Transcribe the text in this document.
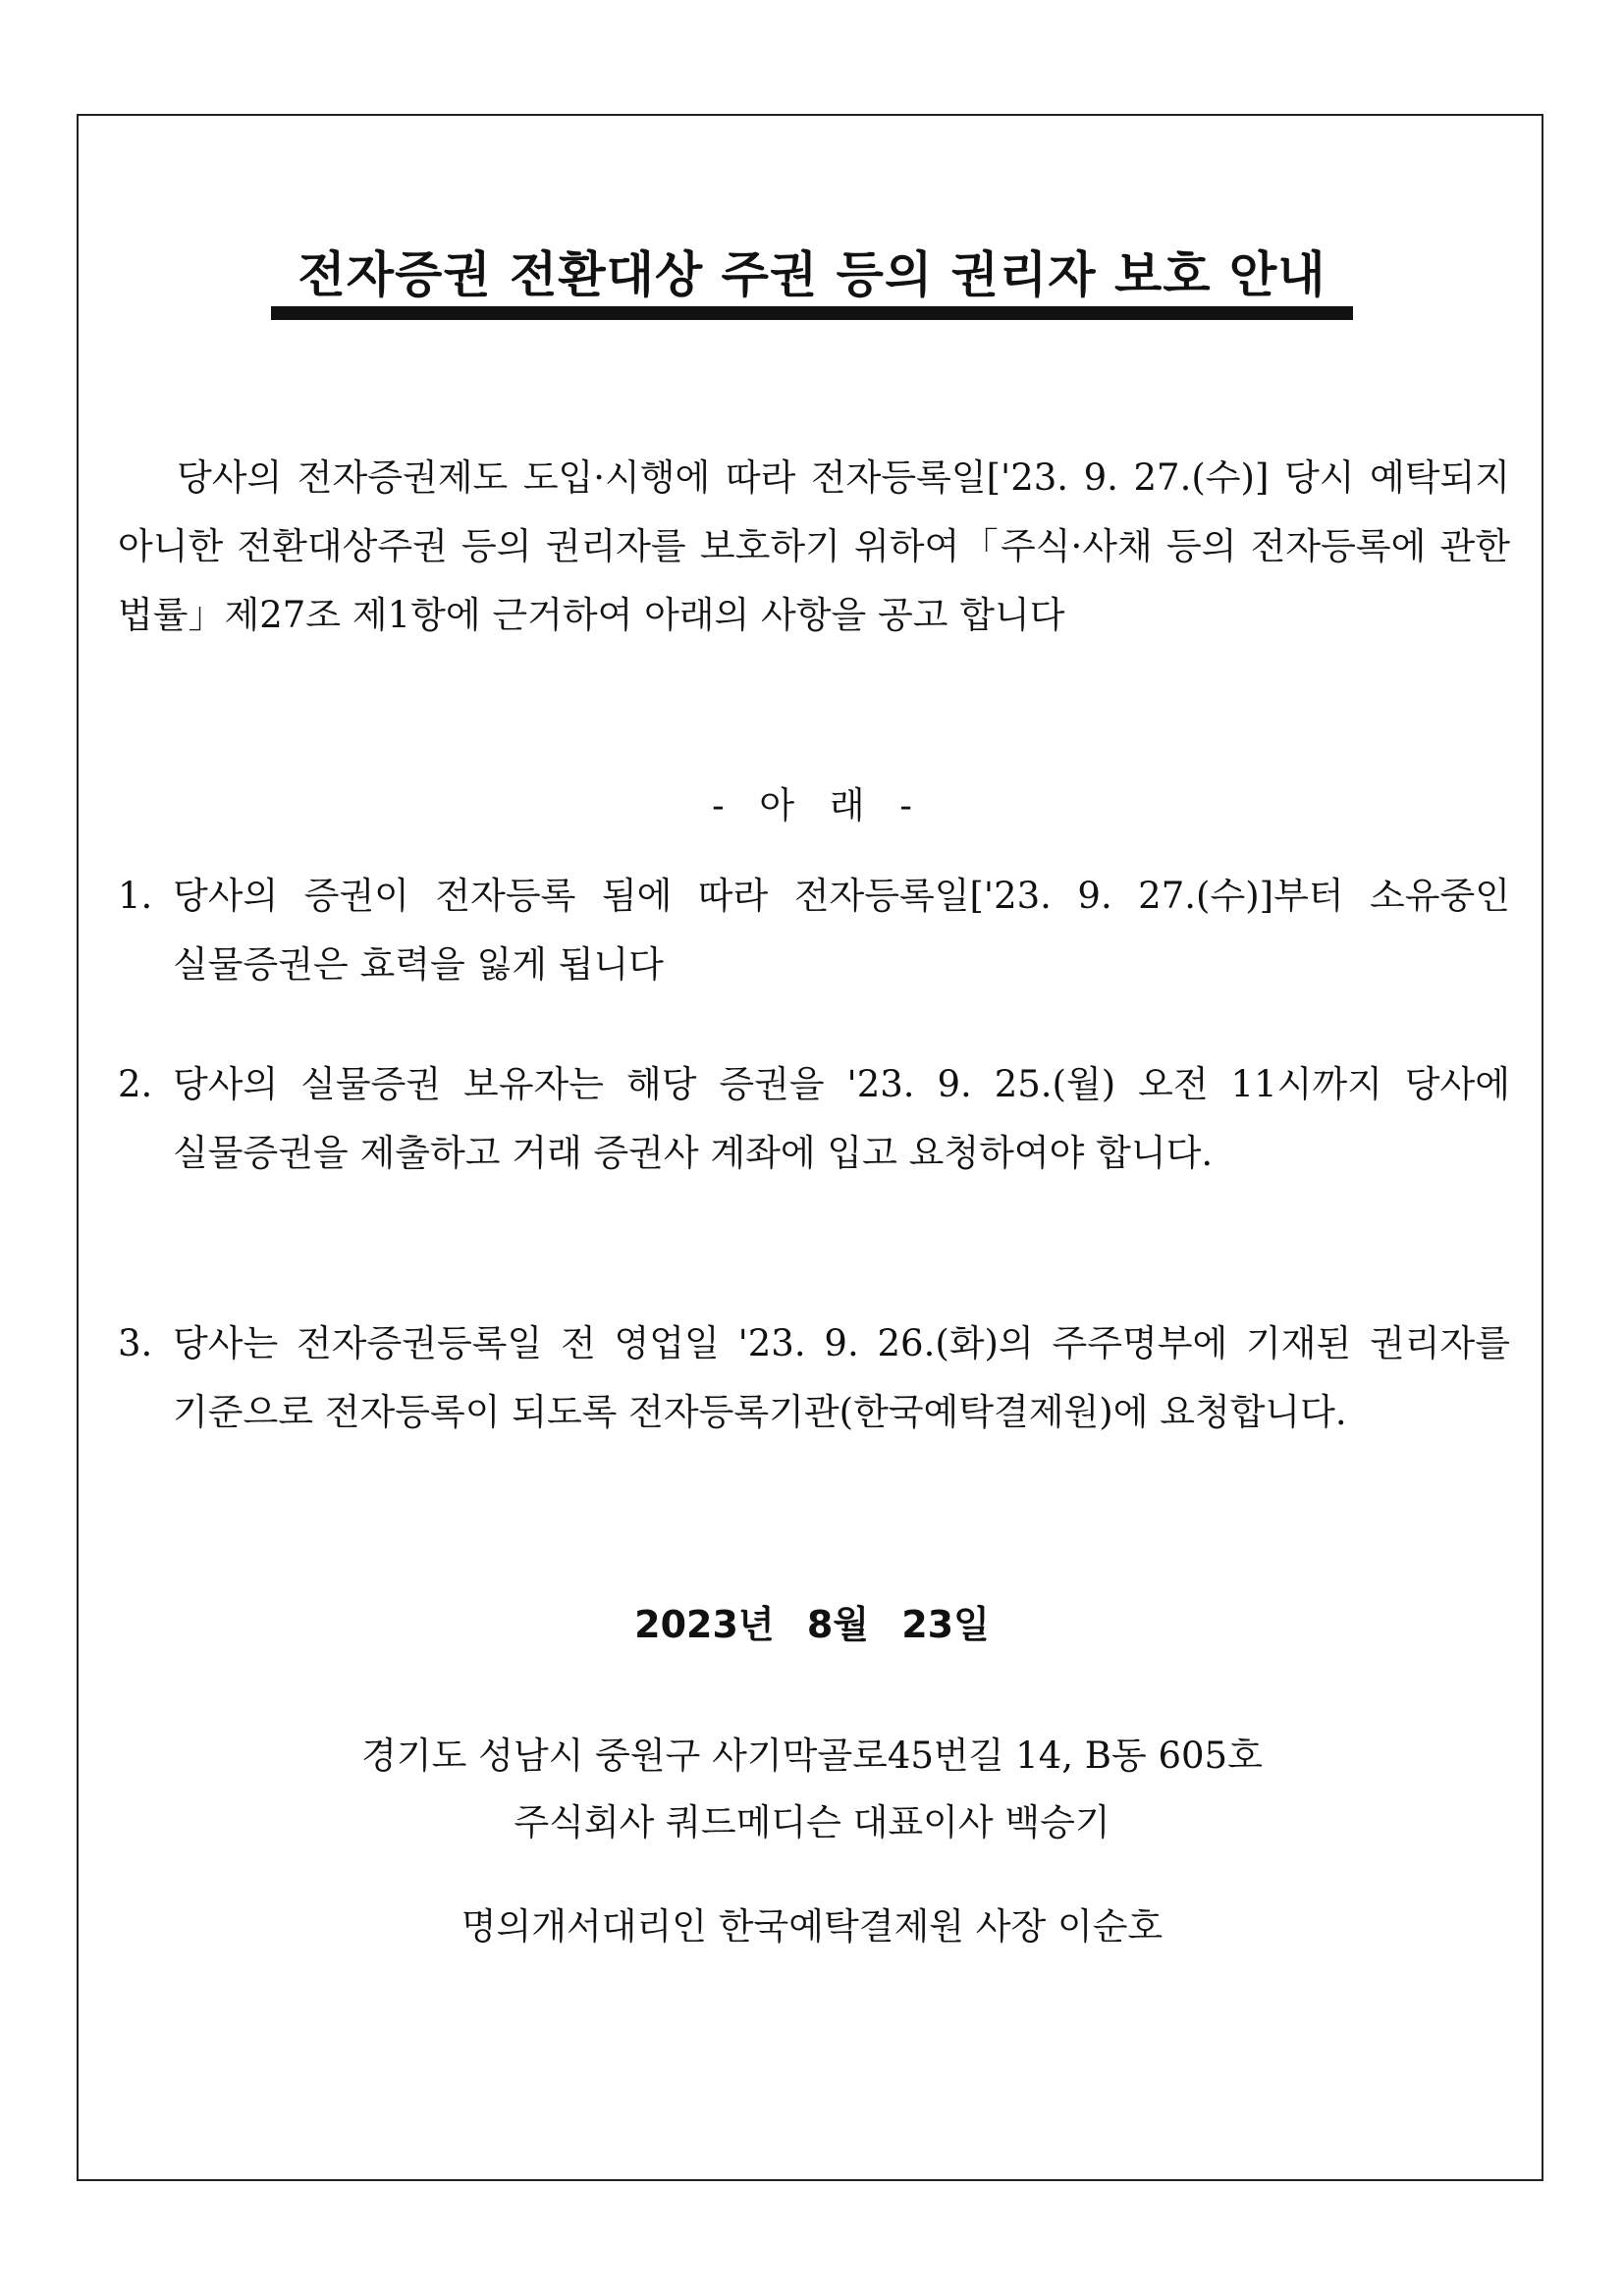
전자증권 전환대상 주권 등의 권리자 보호 안내
당사의 전자증권제도 도입·시행에 따라 전자등록일['23. 9. 27.(수)] 당시 예탁되지 아니한 전환대상주권 등의 권리자를 보호하기 위하여「주식·사채 등의 전자등록에 관한 법률」제27조 제1항에 근거하여 아래의 사항을 공고 합니다
- 아 래 -
1. 당사의 증권이 전자등록 됨에 따라 전자등록일['23. 9. 27.(수)]부터 소유중인 실물증권은 효력을 잃게 됩니다
2. 당사의 실물증권 보유자는 해당 증권을 '23. 9. 25.(월) 오전 11시까지 당사에 실물증권을 제출하고 거래 증권사 계좌에 입고 요청하여야 합니다.
3. 당사는 전자증권등록일 전 영업일 '23. 9. 26.(화)의 주주명부에 기재된 권리자를 기준으로 전자등록이 되도록 전자등록기관(한국예탁결제원)에 요청합니다.
2023년 8월 23일
경기도 성남시 중원구 사기막골로45번길 14, B동 605호
주식회사 쿼드메디슨 대표이사 백승기
명의개서대리인 한국예탁결제원 사장 이순호
